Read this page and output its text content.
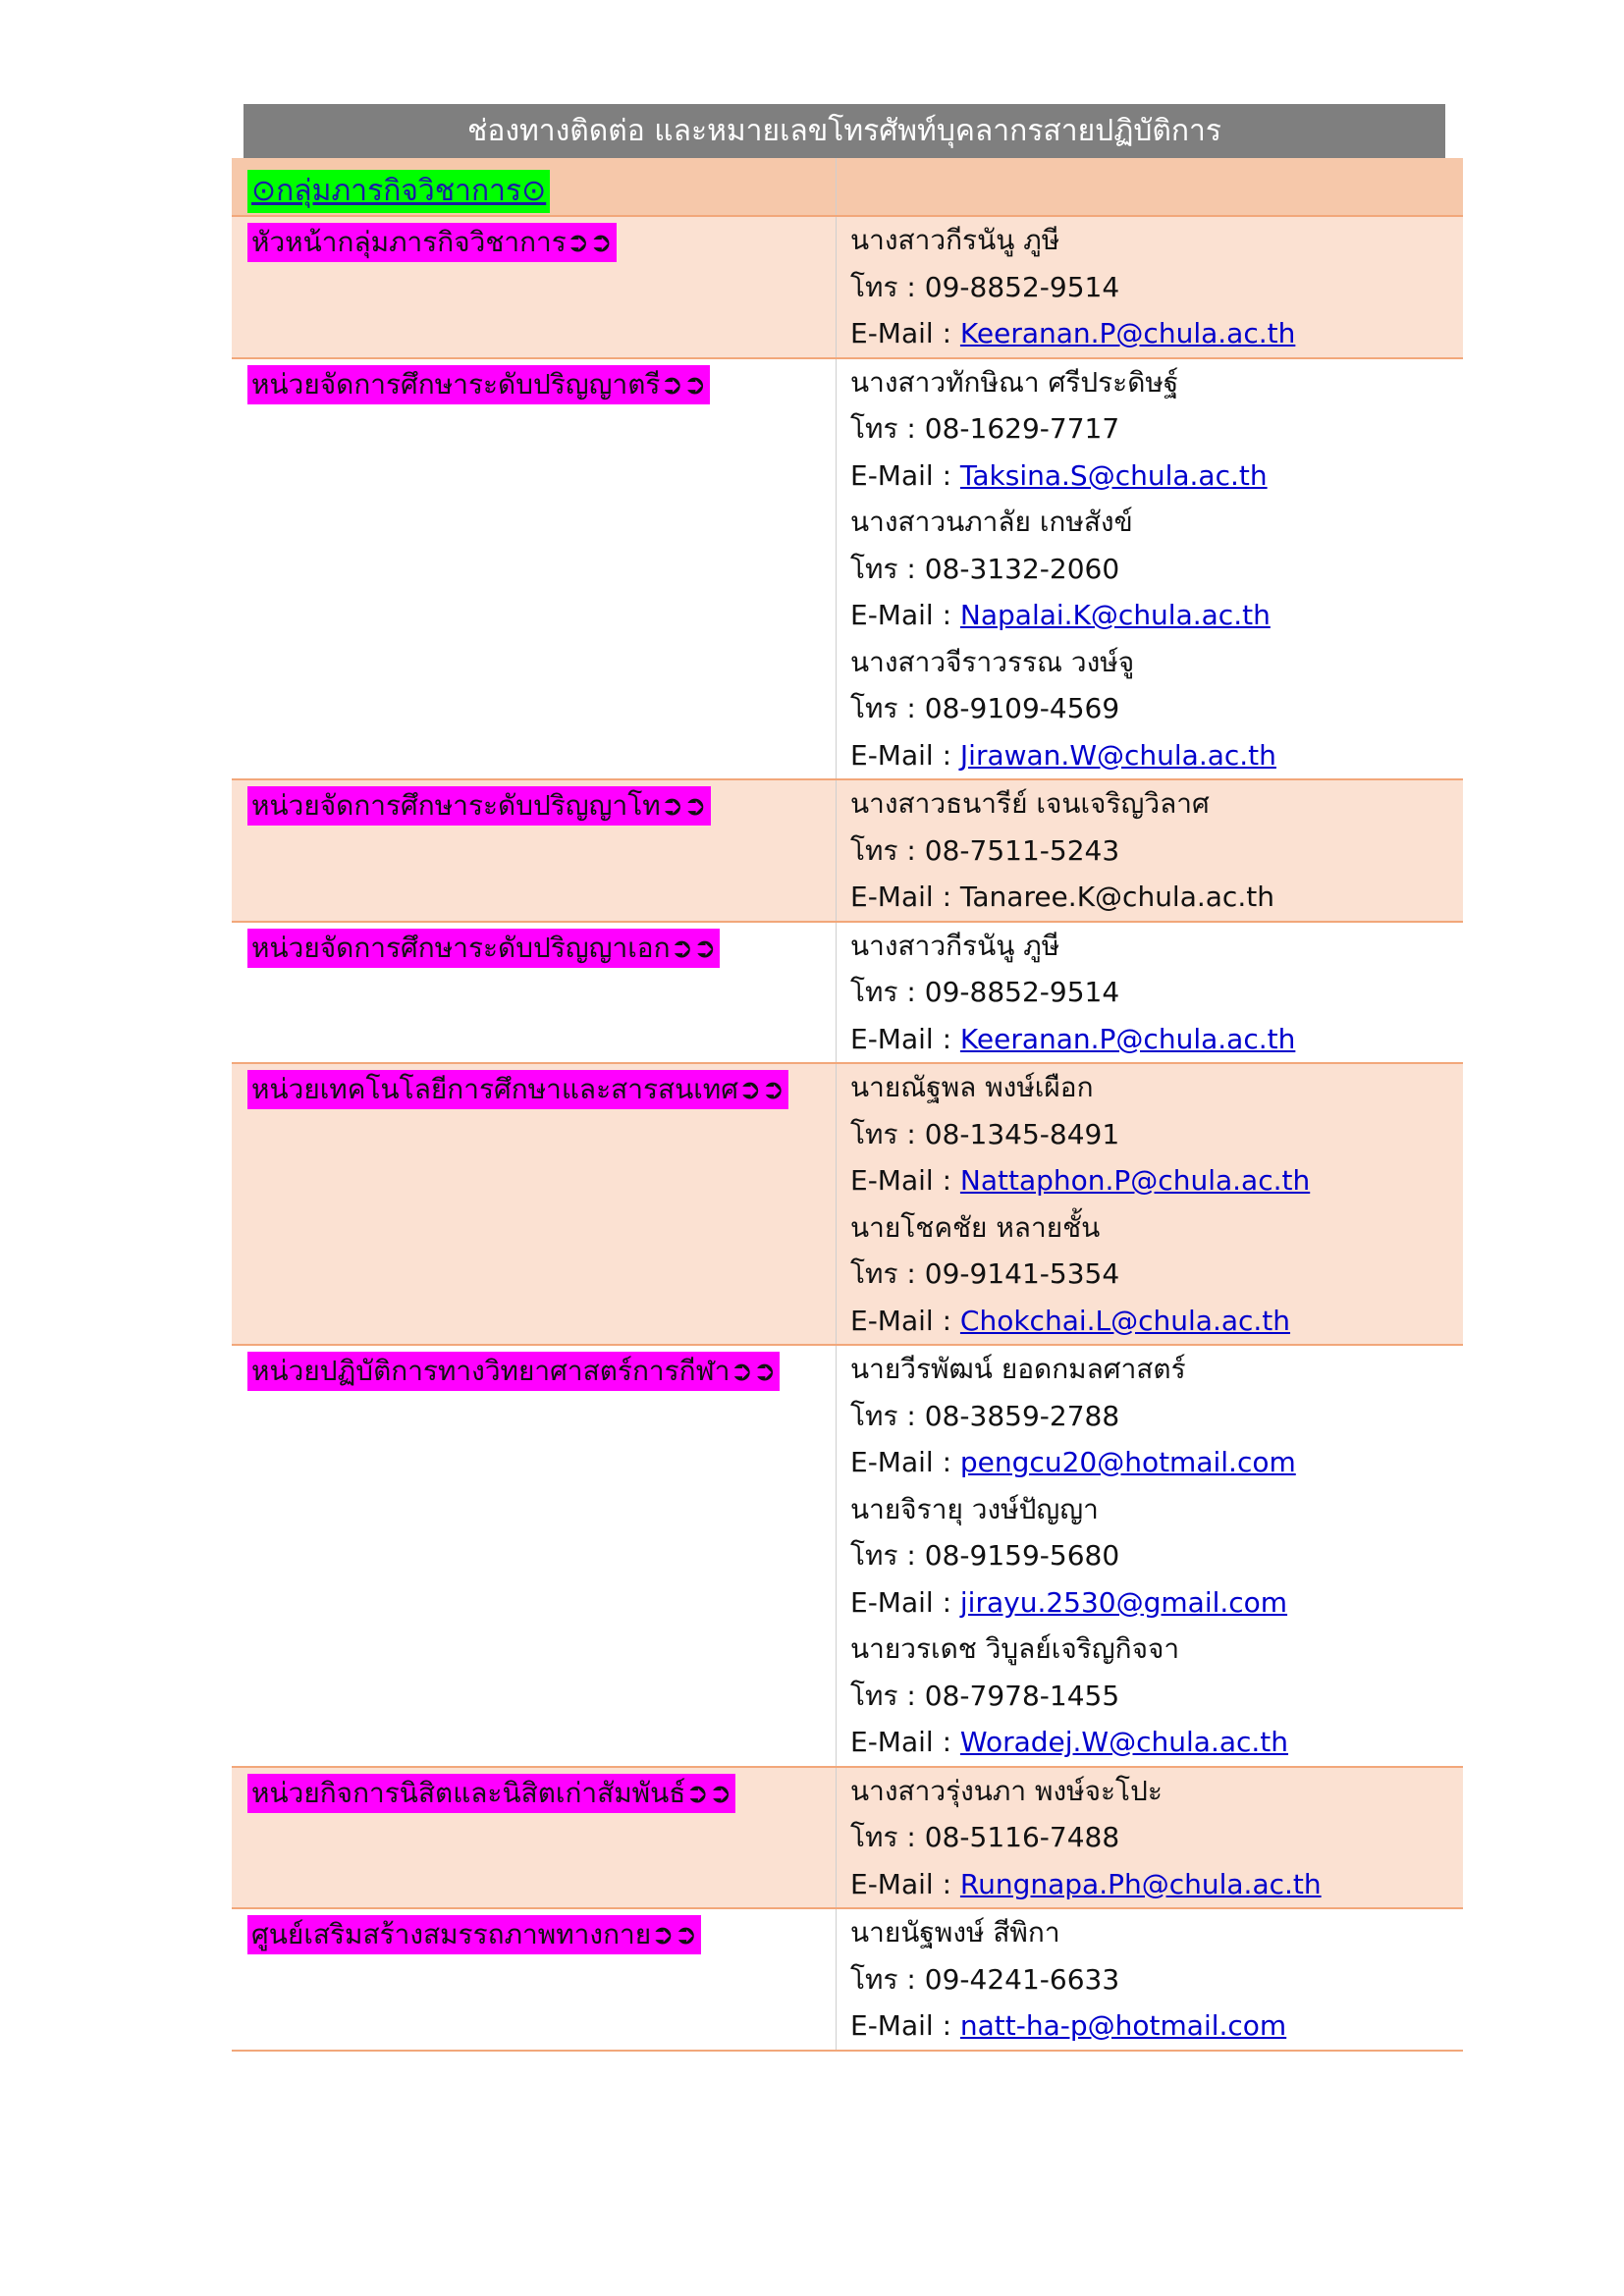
ช่องทางติดต่อ และหมายเลขโทรศัพท์บุคลากรสายปฏิบัติการ
⊙กลุ่มภารกิจวิชาการ⊙
หัวหน้ากลุ่มภารกิจวิชาการ➲➲	นางสาวกีรนันู ภูษี
โทร : 09-8852-9514
E-Mail : Keeranan.P@chula.ac.th
หน่วยจัดการศึกษาระดับปริญญาตรี➲➲	นางสาวทักษิณา ศรีประดิษฐ์
โทร : 08-1629-7717
E-Mail : Taksina.S@chula.ac.th
นางสาวนภาลัย เกษสังข์
โทร : 08-3132-2060
E-Mail : Napalai.K@chula.ac.th
นางสาวจีราวรรณ วงษ์จู
โทร : 08-9109-4569
E-Mail : Jirawan.W@chula.ac.th
หน่วยจัดการศึกษาระดับปริญญาโท➲➲	นางสาวธนารีย์ เจนเจริญวิลาศ
โทร : 08-7511-5243
E-Mail : Tanaree.K@chula.ac.th
หน่วยจัดการศึกษาระดับปริญญาเอก➲➲	นางสาวกีรนันู ภูษี
โทร : 09-8852-9514
E-Mail : Keeranan.P@chula.ac.th
หน่วยเทคโนโลยีการศึกษาและสารสนเทศ➲➲	นายณัฐพล พงษ์เผือก
โทร : 08-1345-8491
E-Mail : Nattaphon.P@chula.ac.th
นายโชคชัย หลายชั้น
โทร : 09-9141-5354
E-Mail : Chokchai.L@chula.ac.th
หน่วยปฏิบัติการทางวิทยาศาสตร์การกีฬา➲➲	นายวีรพัฒน์ ยอดกมลศาสตร์
โทร : 08-3859-2788
E-Mail : pengcu20@hotmail.com
นายจิรายุ วงษ์ปัญญา
โทร : 08-9159-5680
E-Mail : jirayu.2530@gmail.com
นายวรเดช วิบูลย์เจริญกิจจา
โทร : 08-7978-1455
E-Mail : Woradej.W@chula.ac.th
หน่วยกิจการนิสิตและนิสิตเก่าสัมพันธ์➲➲	นางสาวรุ่งนภา พงษ์จะโปะ
โทร : 08-5116-7488
E-Mail : Rungnapa.Ph@chula.ac.th
ศูนย์เสริมสร้างสมรรถภาพทางกาย➲➲	นายนัฐพงษ์ สีพิกา
โทร : 09-4241-6633
E-Mail : natt-ha-p@hotmail.com
